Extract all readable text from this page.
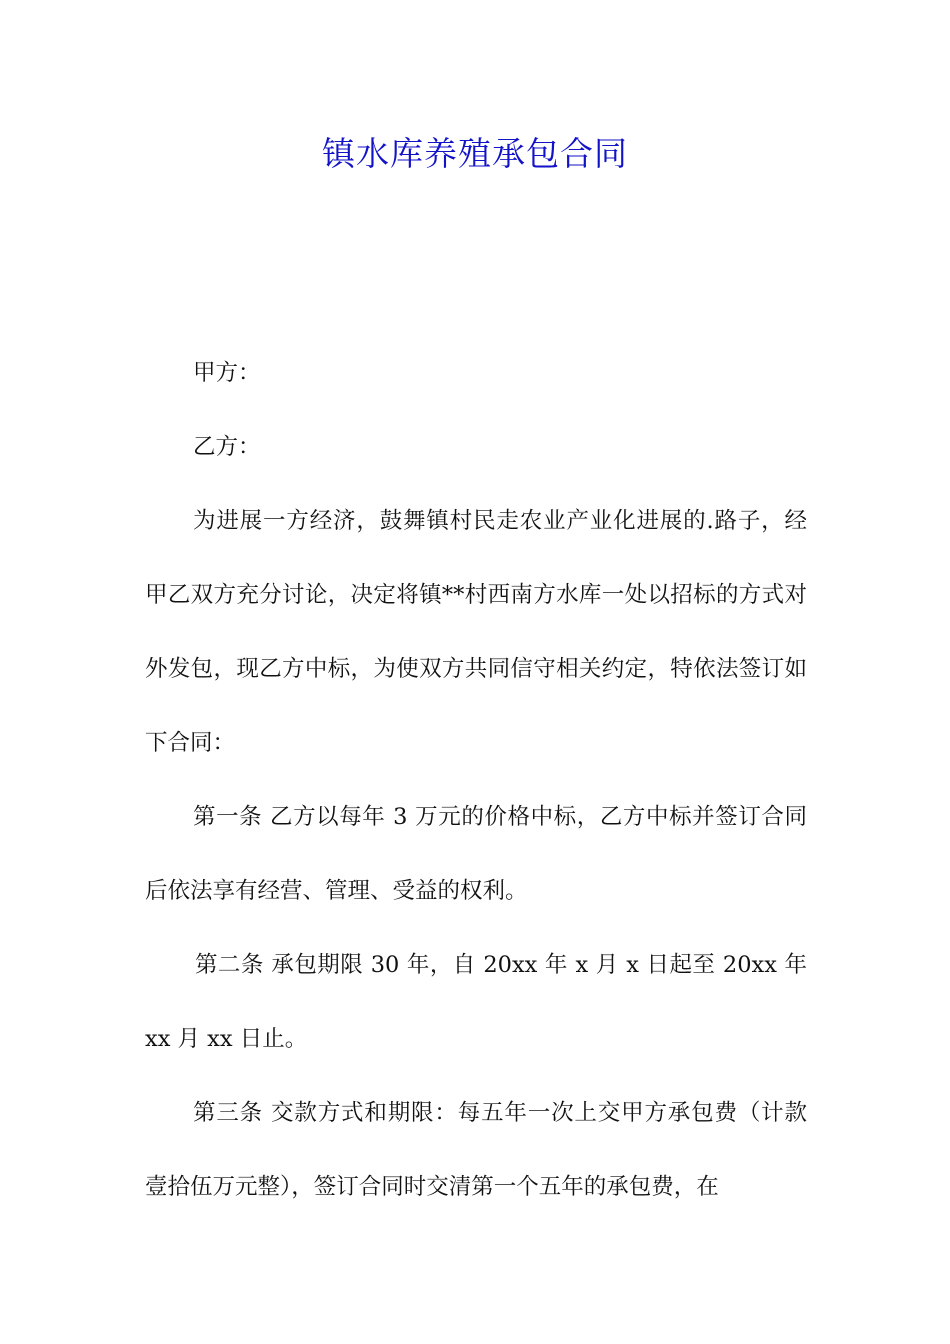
镇水库养殖承包合同

甲方：

乙方：

为进展一方经济，鼓舞镇村民走农业产业化进展的.路子，经甲乙双方充分讨论，决定将镇**村西南方水库一处以招标的方式对外发包，现乙方中标，为使双方共同信守相关约定，特依法签订如下合同：

第一条 乙方以每年 3 万元的价格中标，乙方中标并签订合同后依法享有经营、管理、受益的权利。

第二条 承包期限 30 年，自 20xx 年 x 月 x 日起至 20xx 年 xx 月 xx 日止。

第三条 交款方式和期限：每五年一次上交甲方承包费（计款壹拾伍万元整），签订合同时交清第一个五年的承包费，在
